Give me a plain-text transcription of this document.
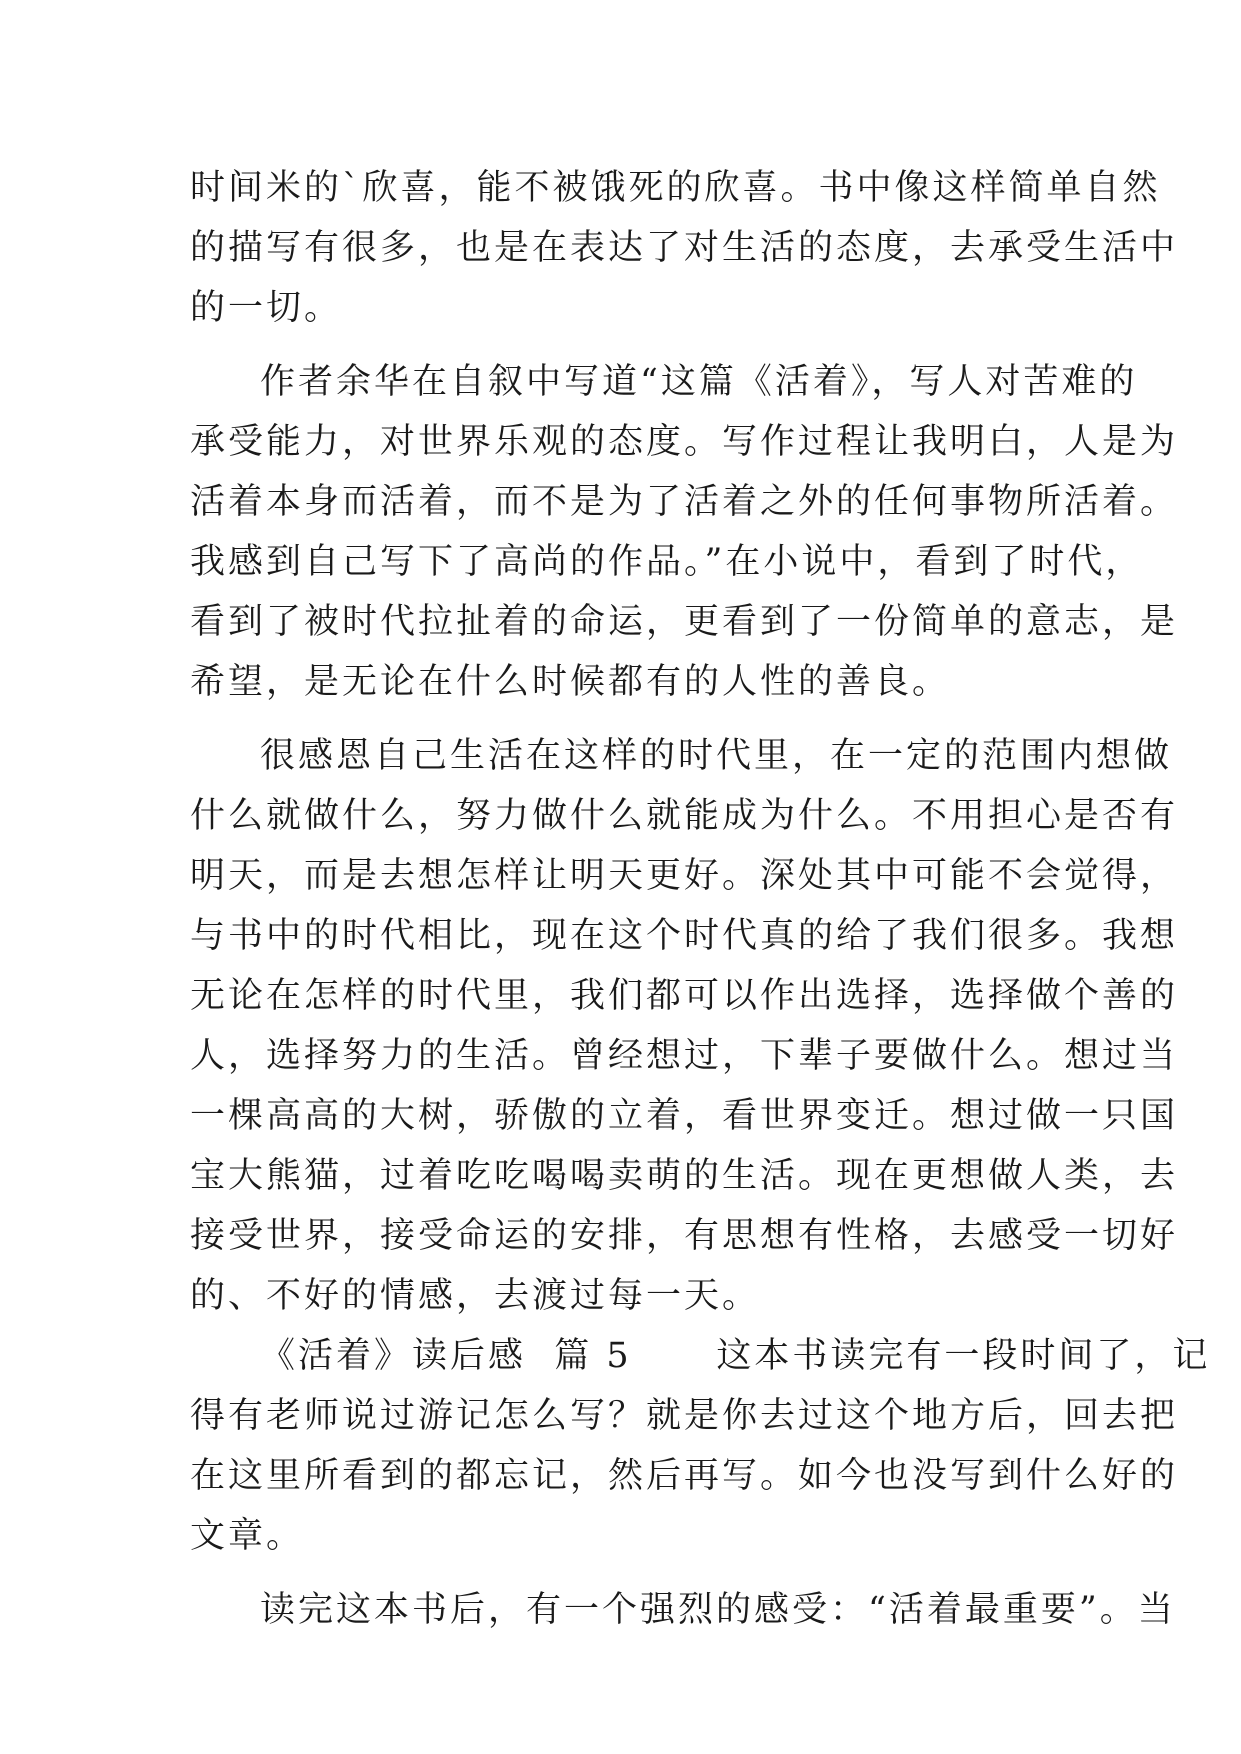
时间米的`欣喜，能不被饿死的欣喜。书中像这样简单自然
的描写有很多，也是在表达了对生活的态度，去承受生活中
的一切。
作者余华在自叙中写道“这篇《活着》，写人对苦难的
承受能力，对世界乐观的态度。写作过程让我明白，人是为
活着本身而活着，而不是为了活着之外的任何事物所活着。
我感到自己写下了高尚的作品。”在小说中，看到了时代，
看到了被时代拉扯着的命运，更看到了一份简单的意志，是
希望，是无论在什么时候都有的人性的善良。
很感恩自己生活在这样的时代里，在一定的范围内想做
什么就做什么，努力做什么就能成为什么。不用担心是否有
明天，而是去想怎样让明天更好。深处其中可能不会觉得，
与书中的时代相比，现在这个时代真的给了我们很多。我想
无论在怎样的时代里，我们都可以作出选择，选择做个善的
人，选择努力的生活。曾经想过，下辈子要做什么。想过当
一棵高高的大树，骄傲的立着，看世界变迁。想过做一只国
宝大熊猫，过着吃吃喝喝卖萌的生活。现在更想做人类，去
接受世界，接受命运的安排，有思想有性格，去感受一切好
的、不好的情感，去渡过每一天。
《活着》读后感  篇 5      这本书读完有一段时间了，记
得有老师说过游记怎么写？就是你去过这个地方后，回去把
在这里所看到的都忘记，然后再写。如今也没写到什么好的
文章。
读完这本书后，有一个强烈的感受：“活着最重要”。当
